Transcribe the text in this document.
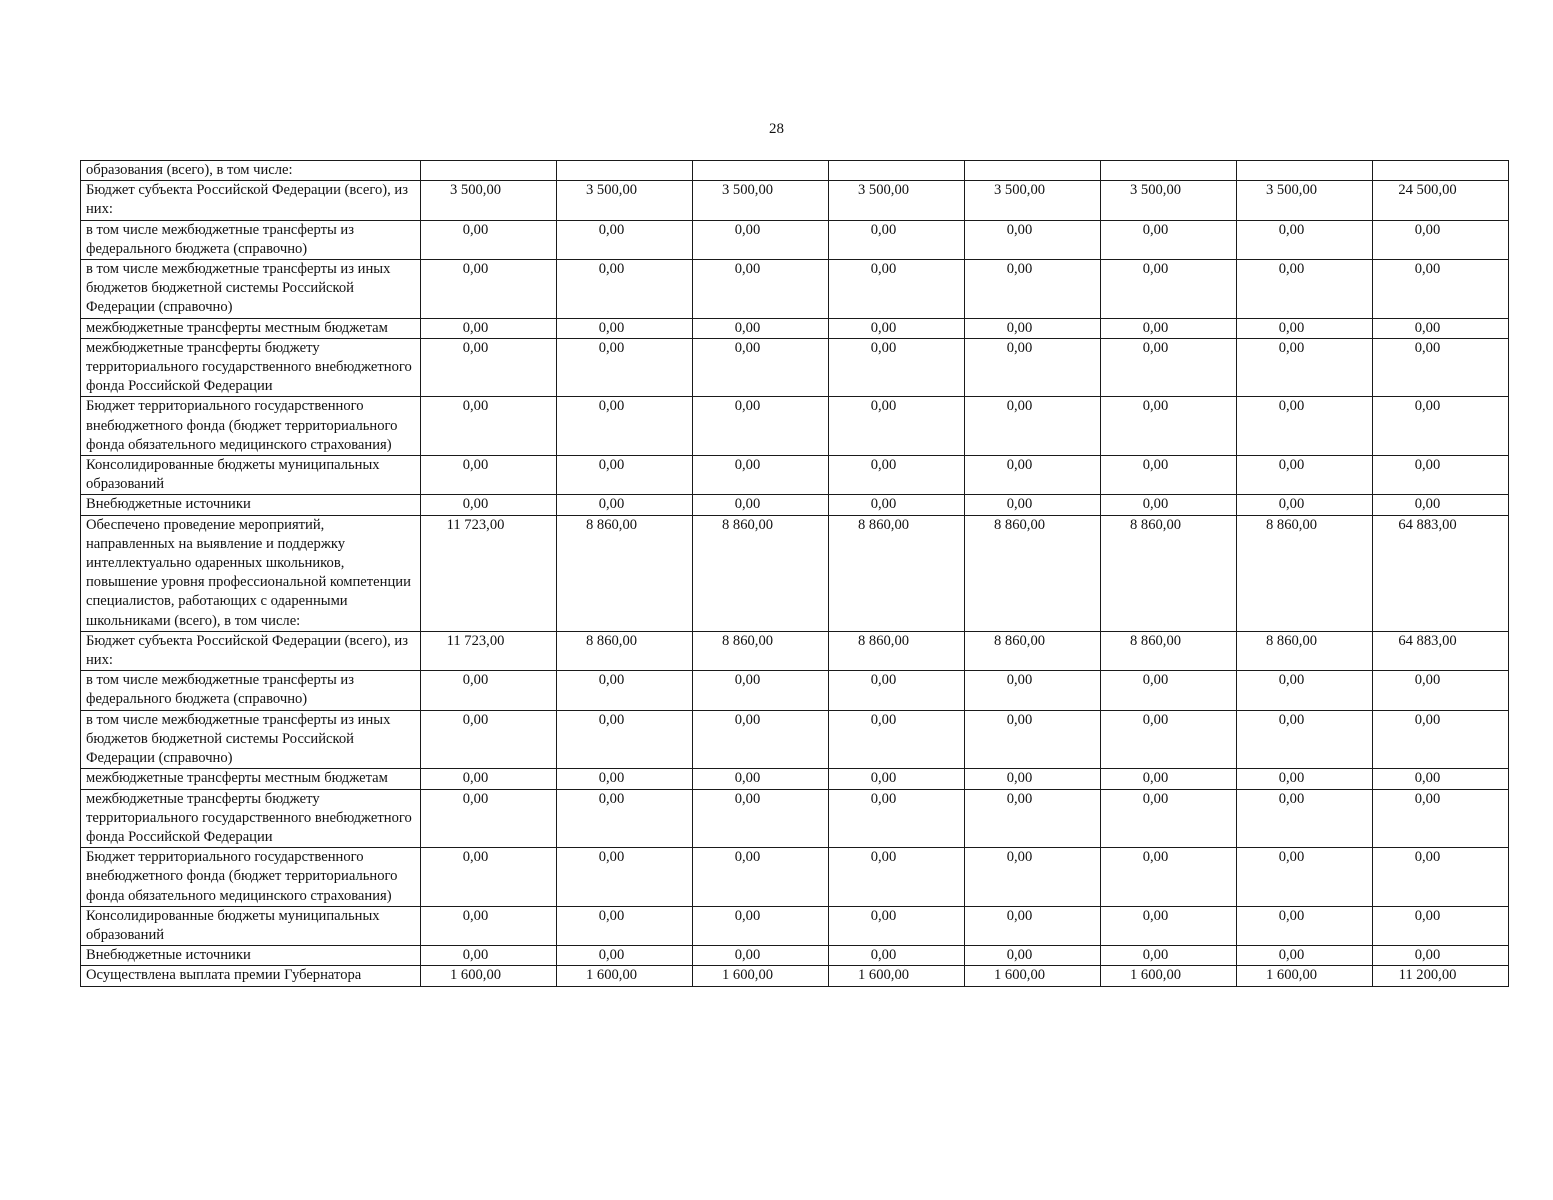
28
образования (всего), в том числе:								
Бюджет субъекта Российской Федерации (всего), из них:	3 500,00	3 500,00	3 500,00	3 500,00	3 500,00	3 500,00	3 500,00	24 500,00
в том числе межбюджетные трансферты из федерального бюджета (справочно)	0,00	0,00	0,00	0,00	0,00	0,00	0,00	0,00
в том числе межбюджетные трансферты из иных бюджетов бюджетной системы Российской Федерации (справочно)	0,00	0,00	0,00	0,00	0,00	0,00	0,00	0,00
межбюджетные трансферты местным бюджетам	0,00	0,00	0,00	0,00	0,00	0,00	0,00	0,00
межбюджетные трансферты бюджету территориального государственного внебюджетного фонда Российской Федерации	0,00	0,00	0,00	0,00	0,00	0,00	0,00	0,00
Бюджет территориального государственного внебюджетного фонда (бюджет территориального фонда обязательного медицинского страхования)	0,00	0,00	0,00	0,00	0,00	0,00	0,00	0,00
Консолидированные бюджеты муниципальных образований	0,00	0,00	0,00	0,00	0,00	0,00	0,00	0,00
Внебюджетные источники	0,00	0,00	0,00	0,00	0,00	0,00	0,00	0,00
Обеспечено проведение мероприятий, направленных на выявление и поддержку интеллектуально одаренных школьников, повышение уровня профессиональной компетенции специалистов, работающих с одаренными школьниками (всего), в том числе:	11 723,00	8 860,00	8 860,00	8 860,00	8 860,00	8 860,00	8 860,00	64 883,00
Бюджет субъекта Российской Федерации (всего), из них:	11 723,00	8 860,00	8 860,00	8 860,00	8 860,00	8 860,00	8 860,00	64 883,00
в том числе межбюджетные трансферты из федерального бюджета (справочно)	0,00	0,00	0,00	0,00	0,00	0,00	0,00	0,00
в том числе межбюджетные трансферты из иных бюджетов бюджетной системы Российской Федерации (справочно)	0,00	0,00	0,00	0,00	0,00	0,00	0,00	0,00
межбюджетные трансферты местным бюджетам	0,00	0,00	0,00	0,00	0,00	0,00	0,00	0,00
межбюджетные трансферты бюджету территориального государственного внебюджетного фонда Российской Федерации	0,00	0,00	0,00	0,00	0,00	0,00	0,00	0,00
Бюджет территориального государственного внебюджетного фонда (бюджет территориального фонда обязательного медицинского страхования)	0,00	0,00	0,00	0,00	0,00	0,00	0,00	0,00
Консолидированные бюджеты муниципальных образований	0,00	0,00	0,00	0,00	0,00	0,00	0,00	0,00
Внебюджетные источники	0,00	0,00	0,00	0,00	0,00	0,00	0,00	0,00
Осуществлена выплата премии Губернатора	1 600,00	1 600,00	1 600,00	1 600,00	1 600,00	1 600,00	1 600,00	11 200,00
